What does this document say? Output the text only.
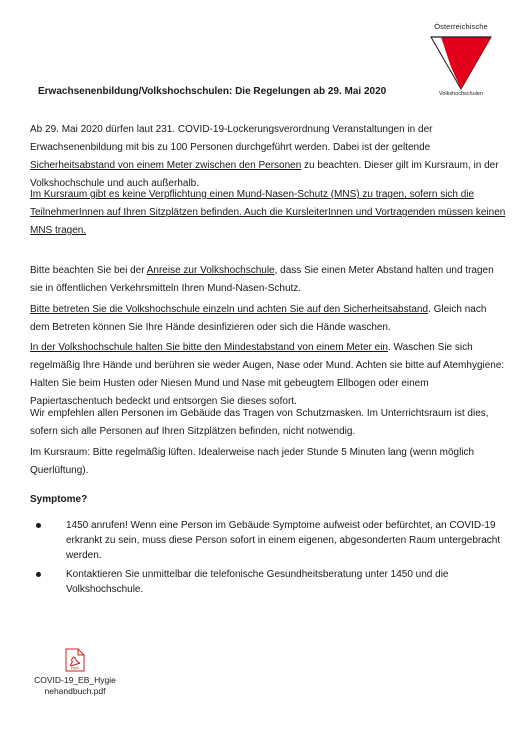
Österreichische
Volkshochschulen
Erwachsenenbildung/Volkshochschulen: Die Regelungen ab 29. Mai 2020
Ab 29. Mai 2020 dürfen laut 231. COVID-19-Lockerungsverordnung Veranstaltungen in der Erwachsenenbildung mit bis zu 100 Personen durchgeführt werden. Dabei ist der geltende Sicherheitsabstand von einem Meter zwischen den Personen zu beachten. Dieser gilt im Kursraum, in der Volkshochschule und auch außerhalb.
Im Kursraum gibt es keine Verpflichtung einen Mund-Nasen-Schutz (MNS) zu tragen, sofern sich die TeilnehmerInnen auf Ihren Sitzplätzen befinden. Auch die KursleiterInnen und Vortragenden müssen keinen MNS tragen.
Bitte beachten Sie bei der Anreise zur Volkshochschule, dass Sie einen Meter Abstand halten und tragen sie in öffentlichen Verkehrsmitteln Ihren Mund-Nasen-Schutz.
Bitte betreten Sie die Volkshochschule einzeln und achten Sie auf den Sicherheitsabstand. Gleich nach dem Betreten können Sie Ihre Hände desinfizieren oder sich die Hände waschen.
In der Volkshochschule halten Sie bitte den Mindestabstand von einem Meter ein. Waschen Sie sich regelmäßig Ihre Hände und berühren sie weder Augen, Nase oder Mund. Achten sie bitte auf Atemhygiene: Halten Sie beim Husten oder Niesen Mund und Nase mit gebeugtem Ellbogen oder einem Papiertaschentuch bedeckt und entsorgen Sie dieses sofort.
Wir empfehlen allen Personen im Gebäude das Tragen von Schutzmasken. Im Unterrichtsraum ist dies, sofern sich alle Personen auf Ihren Sitzplätzen befinden, nicht notwendig.
Im Kursraum: Bitte regelmäßig lüften. Idealerweise nach jeder Stunde 5 Minuten lang (wenn möglich Querlüftung).
Symptome?
1450 anrufen! Wenn eine Person im Gebäude Symptome aufweist oder befürchtet, an COVID-19 erkrankt zu sein, muss diese Person sofort in einem eigenen, abgesonderten Raum untergebracht werden.
Kontaktieren Sie unmittelbar die telefonische Gesundheitsberatung unter 1450 und die Volkshochschule.
PDF
COVID-19_EB_Hygie
nehandbuch.pdf
